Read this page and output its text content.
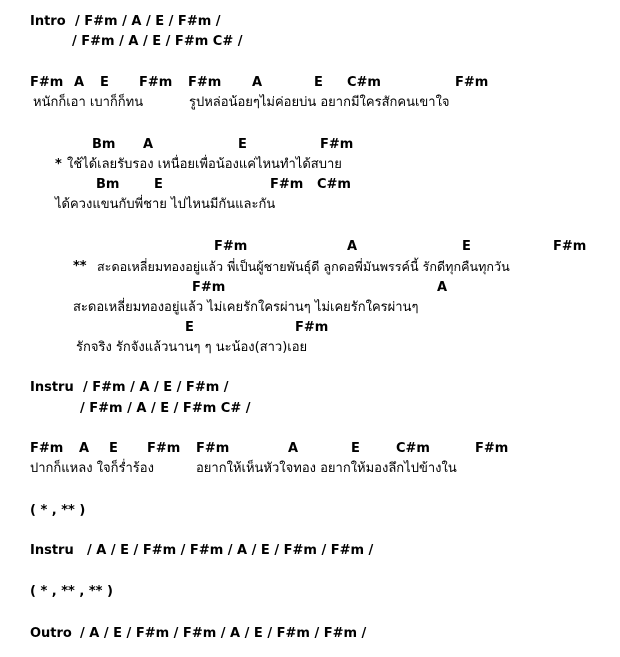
Intro / F#m / A / E / F#m /
/ F#m / A / E / F#m C# /
F#m A E F#m F#m A	E C#m	F#m
หนักก็เอา เบาก็ก็ทน	รูปหล่อน้อยๆไม่ค่อยบ่น อยากมีใครสักคนเขาใจ
Bm A	E	F#m
* ใช้ได้เลยรับรอง เหนื่อยเพื่อน้องแค่ไหนทำได้สบาย
Bm	E	F#m C#m
ได้ควงแขนกับพี่ชาย ไปไหนมีกันและกัน
F#m	A	E	F#m
** สะดอเหลี่ยมทองอยู่แล้ว พี่เป็นผู้ชายพันธุ์ดี ลูกดอพี่มันพรรค์นี้ รักดีทุกคืนทุกวัน
F#m	A
สะดอเหลี่ยมทองอยู่แล้ว ไม่เคยรักใครผ่านๆ ไม่เคยรักใครผ่านๆ
E	F#m
รักจริง รักจังแล้วนานๆ ๆ นะน้อง(สาว)เอย
Instru / F#m / A / E / F#m /
/ F#m / A / E / F#m C# /
F#m A E F#m F#m	A	E	C#m	F#m
ปากก็แหลง ใจก็ร่ำร้อง	อยากให้เห็นหัวใจทอง อยากให้มองลึกไปข้างใน
( * , ** )
Instru / A / E / F#m / F#m / A / E / F#m / F#m /
( * , ** , ** )
Outro / A / E / F#m / F#m / A / E / F#m / F#m /
